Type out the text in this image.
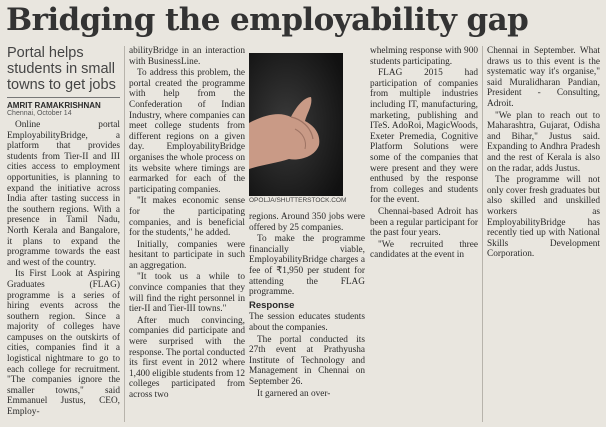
Bridging the employability gap
Portal helps students in small towns to get jobs
AMRIT RAMAKRISHNAN
Chennai, October 14

Online portal EmployabilityBridge, a platform that provides students from Tier-II and III cities access to employment opportunities, is planning to expand the initiative across India after tasting success in the southern regions. With a presence in Tamil Nadu, North Kerala and Bangalore, it plans to expand the programme towards the east and west of the country.

Its First Look at Aspiring Graduates (FLAG) programme is a series of hiring events across the southern region. Since a majority of colleges have campuses on the outskirts of cities, companies find it a logistical nightmare to go to each college for recruitment. "The companies ignore the smaller towns," said Emmanuel Justus, CEO, Employ-

abilityBridge in an interaction with BusinessLine.

To address this problem, the portal created the programme with help from the Confederation of Indian Industry, where companies can meet college students from different regions on a given day. EmployabilityBridge organises the whole process on its website where timings are earmarked for each of the participating companies.

"It makes economic sense for the participating companies, and is beneficial for the students," he added.

Initially, companies were hesitant to participate in such an aggregation.

"It took us a while to convince companies that they will find the right personnel in tier-II and Tier-III towns."

After much convincing, companies did participate and were surprised with the response. The portal conducted its first event in 2012 where 1,400 eligible students from 12 colleges participated from across two

OPOLJA/SHUTTERSTOCK.COM

regions. Around 350 jobs were offered by 25 companies.

To make the programme financially viable, EmployabilityBridge charges a fee of ₹1,950 per student for attending the FLAG programme.

Response

The session educates students about the companies.

The portal conducted its 27th event at Prathyusha Institute of Technology and Management in Chennai on September 26.

It garnered an over-

whelming response with 900 students participating.

FLAG 2015 had participation of companies from multiple industries including IT, manufacturing, marketing, publishing and ITeS. AdoRoi, MagicWoods, Exeter Premedia, Cognitive Platform Solutions were some of the companies that were present and they were enthused by the response from colleges and students for the event.

Chennai-based Adroit has been a regular participant for the past four years.

"We recruited three candidates at the event in

Chennai in September. What draws us to this event is the systematic way it's organise," said Muralidharan Pandian, President - Consulting, Adroit.

"We plan to reach out to Maharashtra, Gujarat, Odisha and Bihar," Justus said. Expanding to Andhra Pradesh and the rest of Kerala is also on the radar, adds Justus.

The programme will not only cover fresh graduates but also skilled and unskilled workers as EmployabilityBridge has recently tied up with National Skills Development Corporation.
